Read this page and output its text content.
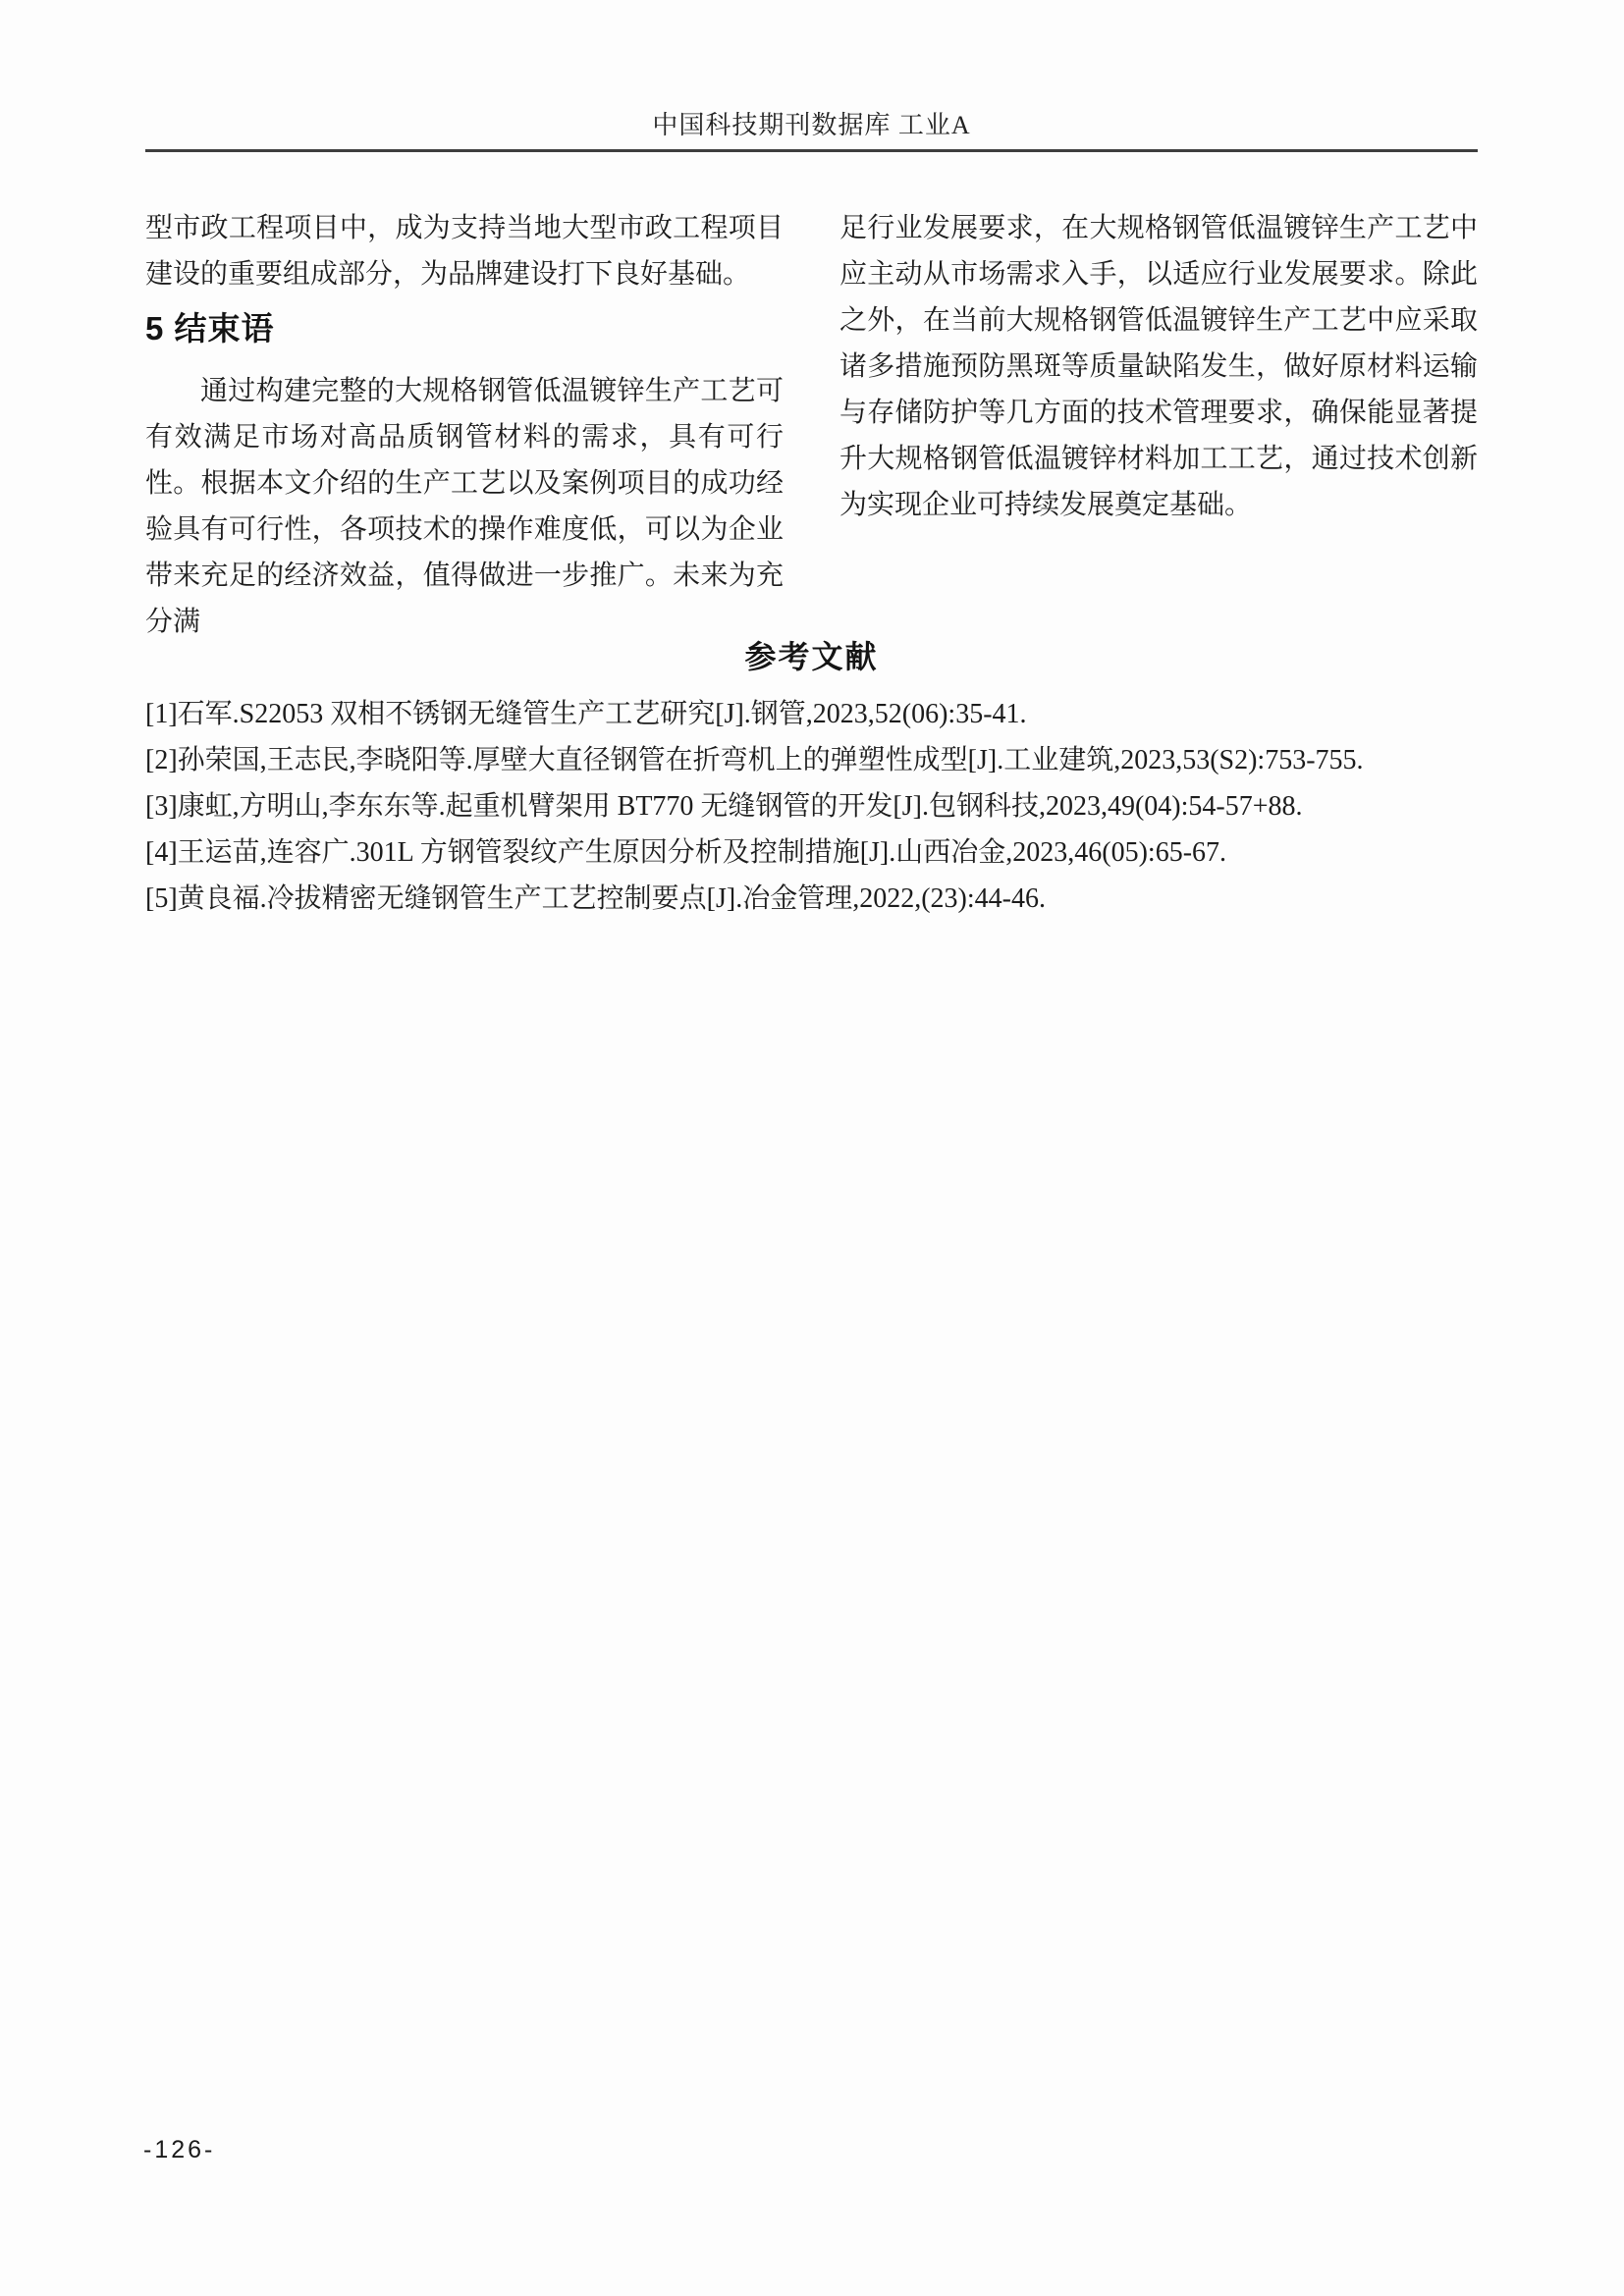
中国科技期刊数据库 工业A

型市政工程项目中，成为支持当地大型市政工程项目建设的重要组成部分，为品牌建设打下良好基础。

5 结束语

通过构建完整的大规格钢管低温镀锌生产工艺可有效满足市场对高品质钢管材料的需求，具有可行性。根据本文介绍的生产工艺以及案例项目的成功经验具有可行性，各项技术的操作难度低，可以为企业带来充足的经济效益，值得做进一步推广。未来为充分满

足行业发展要求，在大规格钢管低温镀锌生产工艺中应主动从市场需求入手，以适应行业发展要求。除此之外，在当前大规格钢管低温镀锌生产工艺中应采取诸多措施预防黑斑等质量缺陷发生，做好原材料运输与存储防护等几方面的技术管理要求，确保能显著提升大规格钢管低温镀锌材料加工工艺，通过技术创新为实现企业可持续发展奠定基础。

参考文献

[1]石军.S22053 双相不锈钢无缝管生产工艺研究[J].钢管,2023,52(06):35-41.

[2]孙荣国,王志民,李晓阳等.厚壁大直径钢管在折弯机上的弹塑性成型[J].工业建筑,2023,53(S2):753-755.

[3]康虹,方明山,李东东等.起重机臂架用 BT770 无缝钢管的开发[J].包钢科技,2023,49(04):54-57+88.

[4]王运苗,连容广.301L 方钢管裂纹产生原因分析及控制措施[J].山西冶金,2023,46(05):65-67.

[5]黄良福.冷拔精密无缝钢管生产工艺控制要点[J].冶金管理,2022,(23):44-46.

-126-
